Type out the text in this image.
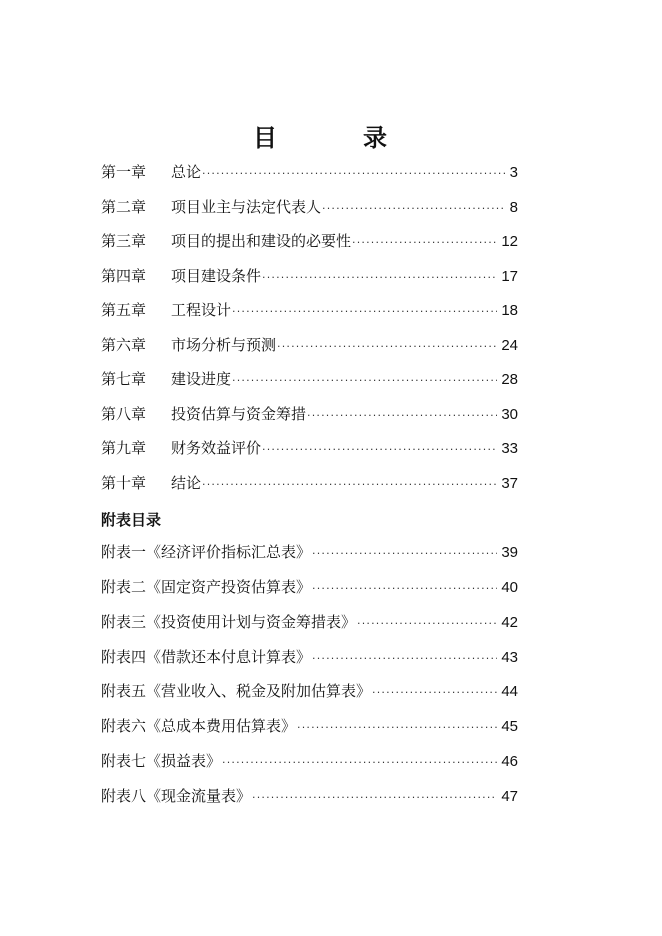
目	录
第一章 总论 ·····	3
第二章 项目业主与法定代表人 ·····	8
第三章 项目的提出和建设的必要性 ·····	12
第四章 项目建设条件 ·····	17
第五章 工程设计 ·····	18
第六章 市场分析与预测 ·····	24
第七章 建设进度 ·····	28
第八章 投资估算与资金筹措 ·····	30
第九章 财务效益评价 ·····	33
第十章 结论 ·····	37
附表目录
附表一《经济评价指标汇总表》 ·····	39
附表二《固定资产投资估算表》 ·····	40
附表三《投资使用计划与资金筹措表》 ·····	42
附表四《借款还本付息计算表》 ·····	43
附表五《营业收入、税金及附加估算表》 ·····	44
附表六《总成本费用估算表》 ·····	45
附表七《损益表》 ·····	46
附表八《现金流量表》 ·····	47
